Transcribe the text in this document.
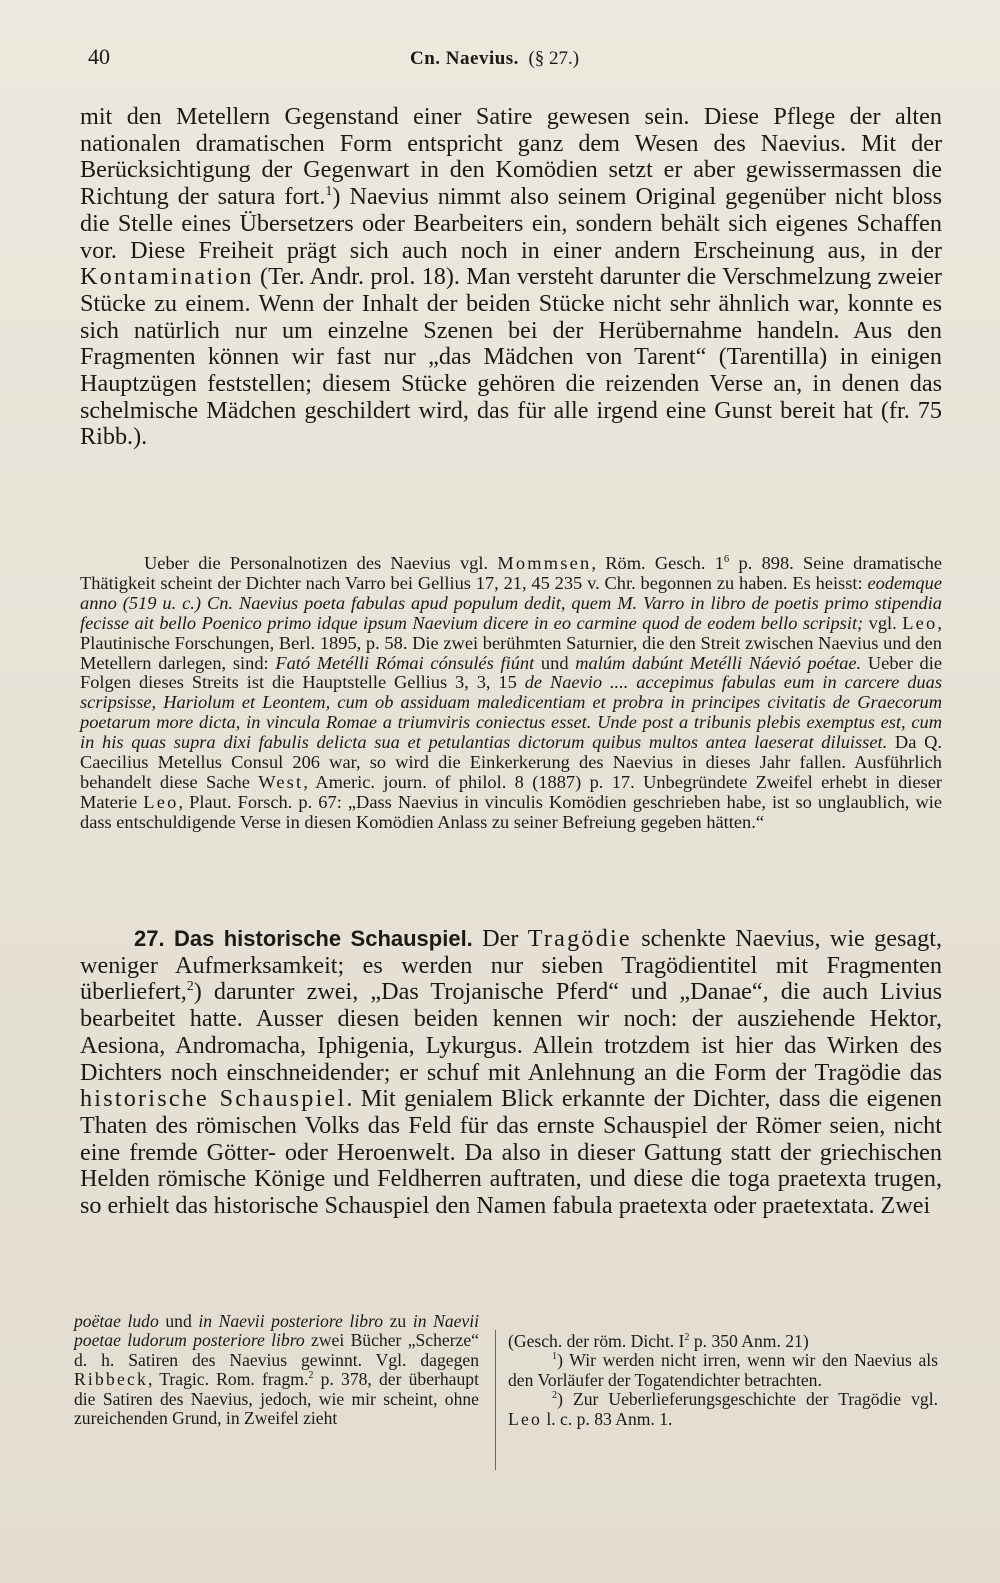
40	Cn. Naevius. (§ 27.)

mit den Metellern Gegenstand einer Satire gewesen sein. Diese Pflege der alten nationalen dramatischen Form entspricht ganz dem Wesen des Naevius. Mit der Berücksichtigung der Gegenwart in den Komödien setzt er aber gewissermassen die Richtung der satura fort.$^1$) Naevius nimmt also seinem Original gegenüber nicht bloss die Stelle eines Übersetzers oder Bearbeiters ein, sondern behält sich eigenes Schaffen vor. Diese Freiheit prägt sich auch noch in einer andern Erscheinung aus, in der Kontamination (Ter. Andr. prol. 18). Man versteht darunter die Verschmelzung zweier Stücke zu einem. Wenn der Inhalt der beiden Stücke nicht sehr ähnlich war, konnte es sich natürlich nur um einzelne Szenen bei der Herübernahme handeln. Aus den Fragmenten können wir fast nur „das Mädchen von Tarent“ (Tarentilla) in einigen Hauptzügen feststellen; diesem Stücke gehören die reizenden Verse an, in denen das schelmische Mädchen geschildert wird, das für alle irgend eine Gunst bereit hat (fr. 75 Ribb.).

Ueber die Personalnotizen des Naevius vgl. Mommsen, Röm. Gesch. $1^6$ p. 898. Seine dramatische Thätigkeit scheint der Dichter nach Varro bei Gellius 17, 21, 45 235 v. Chr. begonnen zu haben. Es heisst: eodemque anno (519 u. c.) Cn. Naevius poeta fabulas apud populum dedit, quem M. Varro in libro de poetis primo stipendia fecisse ait bello Poenico primo idque ipsum Naevium dicere in eo carmine quod de eodem bello scripsit; vgl. Leo, Plautinische Forschungen, Berl. 1895, p. 58. Die zwei berühmten Saturnier, die den Streit zwischen Naevius und den Metellern darlegen, sind: Fató Metélli Római cónsulés fiúnt und malúm dabúnt Metélli Náevió poétae. Ueber die Folgen dieses Streits ist die Hauptstelle Gellius 3, 3, 15 de Naevio .... accepimus fabulas eum in carcere duas scripsisse, Hariolum et Leontem, cum ob assiduam maledicentiam et probra in principes civitatis de Graecorum poetarum more dicta, in vincula Romae a triumviris coniectus esset. Unde post a tribunis plebis exemptus est, cum in his quas supra dixi fabulis delicta sua et petulantias dictorum quibus multos antea laeserat diluisset. Da Q. Caecilius Metellus Consul 206 war, so wird die Einkerkerung des Naevius in dieses Jahr fallen. Ausführlich behandelt diese Sache West, Americ. journ. of philol. 8 (1887) p. 17. Unbegründete Zweifel erhebt in dieser Materie Leo, Plaut. Forsch. p. 67: „Dass Naevius in vinculis Komödien geschrieben habe, ist so unglaublich, wie dass entschuldigende Verse in diesen Komödien Anlass zu seiner Befreiung gegeben hätten.“

27. Das historische Schauspiel. Der Tragödie schenkte Naevius, wie gesagt, weniger Aufmerksamkeit; es werden nur sieben Tragödientitel mit Fragmenten überliefert,$^2$) darunter zwei, „Das Trojanische Pferd“ und „Danae“, die auch Livius bearbeitet hatte. Ausser diesen beiden kennen wir noch: der ausziehende Hektor, Aesiona, Andromacha, Iphigenia, Lykurgus. Allein trotzdem ist hier das Wirken des Dichters noch einschneidender; er schuf mit Anlehnung an die Form der Tragödie das historische Schauspiel. Mit genialem Blick erkannte der Dichter, dass die eigenen Thaten des römischen Volks das Feld für das ernste Schauspiel der Römer seien, nicht eine fremde Götter- oder Heroenwelt. Da also in dieser Gattung statt der griechischen Helden römische Könige und Feldherren auftraten, und diese die toga praetexta trugen, so erhielt das historische Schauspiel den Namen fabula praetexta oder praetextata. Zwei

poëtae ludo und in Naevii posteriore libro zu in Naevii poetae ludorum posteriore libro zwei Bücher „Scherze“ d. h. Satiren des Naevius gewinnt. Vgl. dagegen Ribbeck, Tragic. Rom. fragm.$^2$ p. 378, der überhaupt die Satiren des Naevius, jedoch, wie mir scheint, ohne zureichenden Grund, in Zweifel zieht

(Gesch. der röm. Dicht. $I^2$ p. 350 Anm. 21)

$^1$) Wir werden nicht irren, wenn wir den Naevius als den Vorläufer der Togatendichter betrachten.

$^2$) Zur Ueberlieferungsgeschichte der Tragödie vgl. Leo l. c. p. 83 Anm. 1.
